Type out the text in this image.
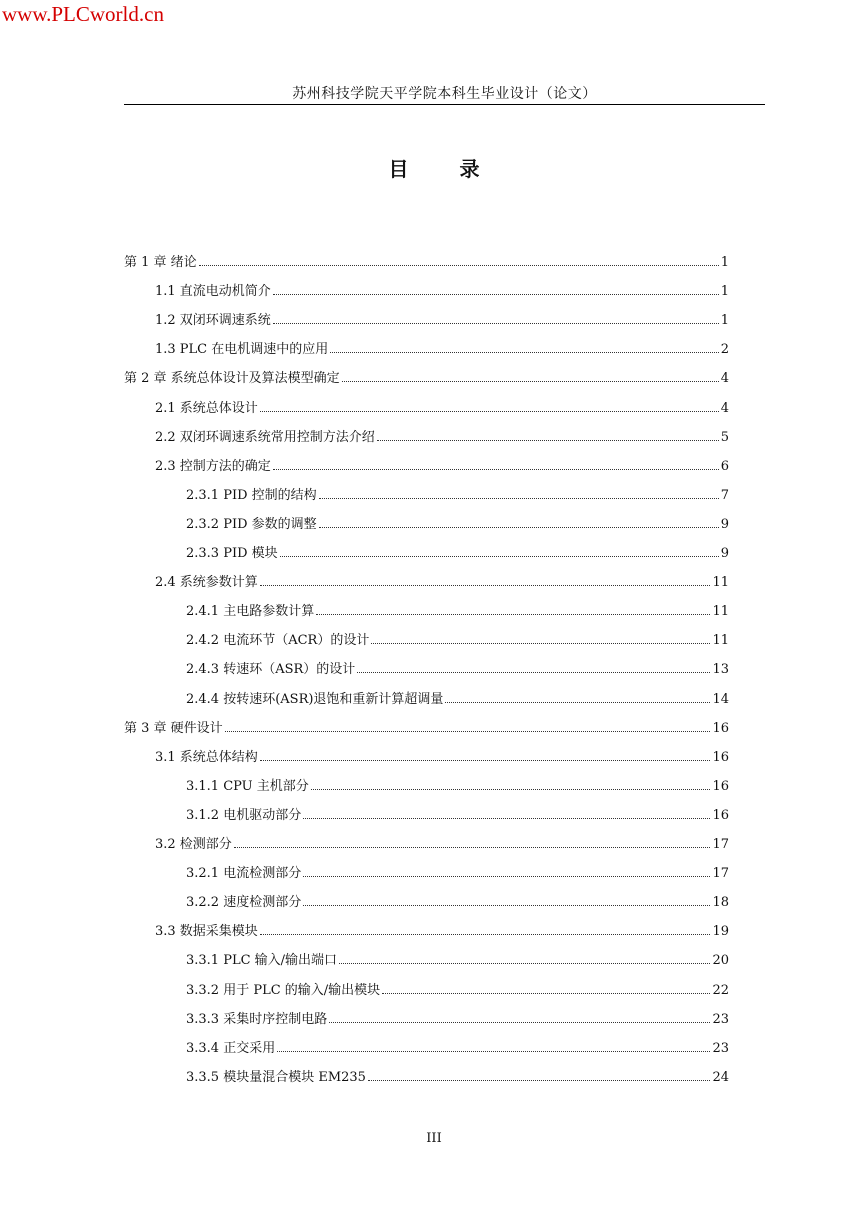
www.PLCworld.cn
苏州科技学院天平学院本科生毕业设计（论文）
目 录
第 1 章 绪论	1
1.1 直流电动机简介	1
1.2 双闭环调速系统	1
1.3 PLC 在电机调速中的应用	2
第 2 章 系统总体设计及算法模型确定	4
2.1 系统总体设计	4
2.2 双闭环调速系统常用控制方法介绍	5
2.3 控制方法的确定	6
2.3.1 PID 控制的结构	7
2.3.2 PID 参数的调整	9
2.3.3 PID 模块	9
2.4 系统参数计算	11
2.4.1 主电路参数计算	11
2.4.2 电流环节（ACR）的设计	11
2.4.3 转速环（ASR）的设计	13
2.4.4 按转速环(ASR)退饱和重新计算超调量	14
第 3 章 硬件设计	16
3.1 系统总体结构	16
3.1.1 CPU 主机部分	16
3.1.2 电机驱动部分	16
3.2 检测部分	17
3.2.1 电流检测部分	17
3.2.2 速度检测部分	18
3.3 数据采集模块	19
3.3.1 PLC 输入/输出端口	20
3.3.2 用于 PLC 的输入/输出模块	22
3.3.3 采集时序控制电路	23
3.3.4 正交采用	23
3.3.5 模块量混合模块 EM235	24
III
